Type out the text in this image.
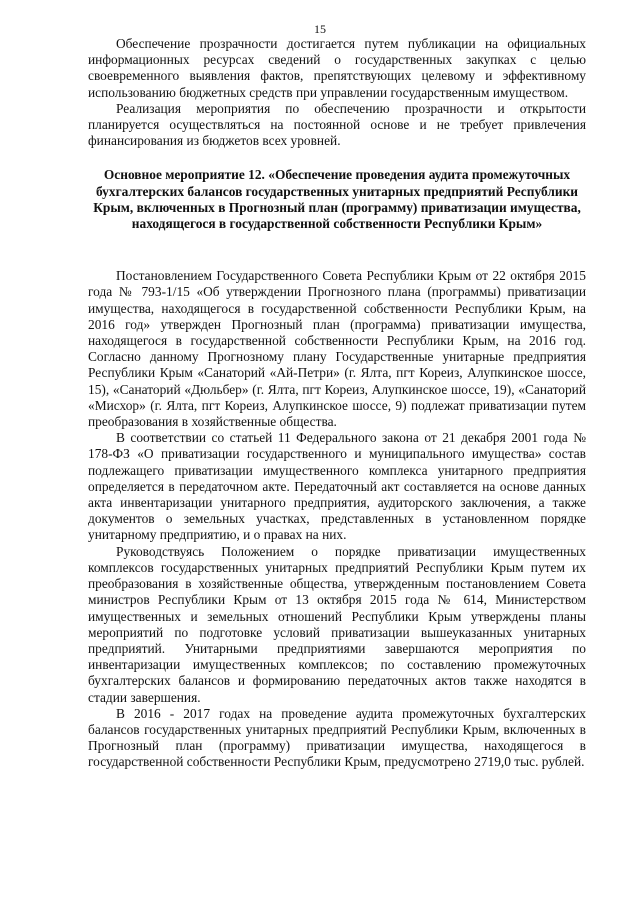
15

Обеспечение прозрачности достигается путем публикации на официальных информационных ресурсах сведений о государственных закупках с целью своевременного выявления фактов, препятствующих целевому и эффективному использованию бюджетных средств при управлении государственным имуществом.

Реализация мероприятия по обеспечению прозрачности и открытости планируется осуществляться на постоянной основе и не требует привлечения финансирования из бюджетов всех уровней.

Основное мероприятие 12. «Обеспечение проведения аудита промежуточных бухгалтерских балансов государственных унитарных предприятий Республики Крым, включенных в Прогнозный план (программу) приватизации имущества, находящегося в государственной собственности Республики Крым»

Постановлением Государственного Совета Республики Крым от 22 октября 2015 года № 793-1/15 «Об утверждении Прогнозного плана (программы) приватизации имущества, находящегося в государственной собственности Республики Крым, на 2016 год» утвержден Прогнозный план (программа) приватизации имущества, находящегося в государственной собственности Республики Крым, на 2016 год. Согласно данному Прогнозному плану Государственные унитарные предприятия Республики Крым «Санаторий «Ай-Петри» (г. Ялта, пгт Кореиз, Алупкинское шоссе, 15), «Санаторий «Дюльбер» (г. Ялта, пгт Кореиз, Алупкинское шоссе, 19), «Санаторий «Мисхор» (г. Ялта, пгт Кореиз, Алупкинское шоссе, 9) подлежат приватизации путем преобразования в хозяйственные общества.

В соответствии со статьей 11 Федерального закона от 21 декабря 2001 года № 178-ФЗ «О приватизации государственного и муниципального имущества» состав подлежащего приватизации имущественного комплекса унитарного предприятия определяется в передаточном акте. Передаточный акт составляется на основе данных акта инвентаризации унитарного предприятия, аудиторского заключения, а также документов о земельных участках, представленных в установленном порядке унитарному предприятию, и о правах на них.

Руководствуясь Положением о порядке приватизации имущественных комплексов государственных унитарных предприятий Республики Крым путем их преобразования в хозяйственные общества, утвержденным постановлением Совета министров Республики Крым от 13 октября 2015 года № 614, Министерством имущественных и земельных отношений Республики Крым утверждены планы мероприятий по подготовке условий приватизации вышеуказанных унитарных предприятий. Унитарными предприятиями завершаются мероприятия по инвентаризации имущественных комплексов; по составлению промежуточных бухгалтерских балансов и формированию передаточных актов также находятся в стадии завершения.

В 2016 - 2017 годах на проведение аудита промежуточных бухгалтерских балансов государственных унитарных предприятий Республики Крым, включенных в Прогнозный план (программу) приватизации имущества, находящегося в государственной собственности Республики Крым, предусмотрено 2719,0 тыс. рублей.
